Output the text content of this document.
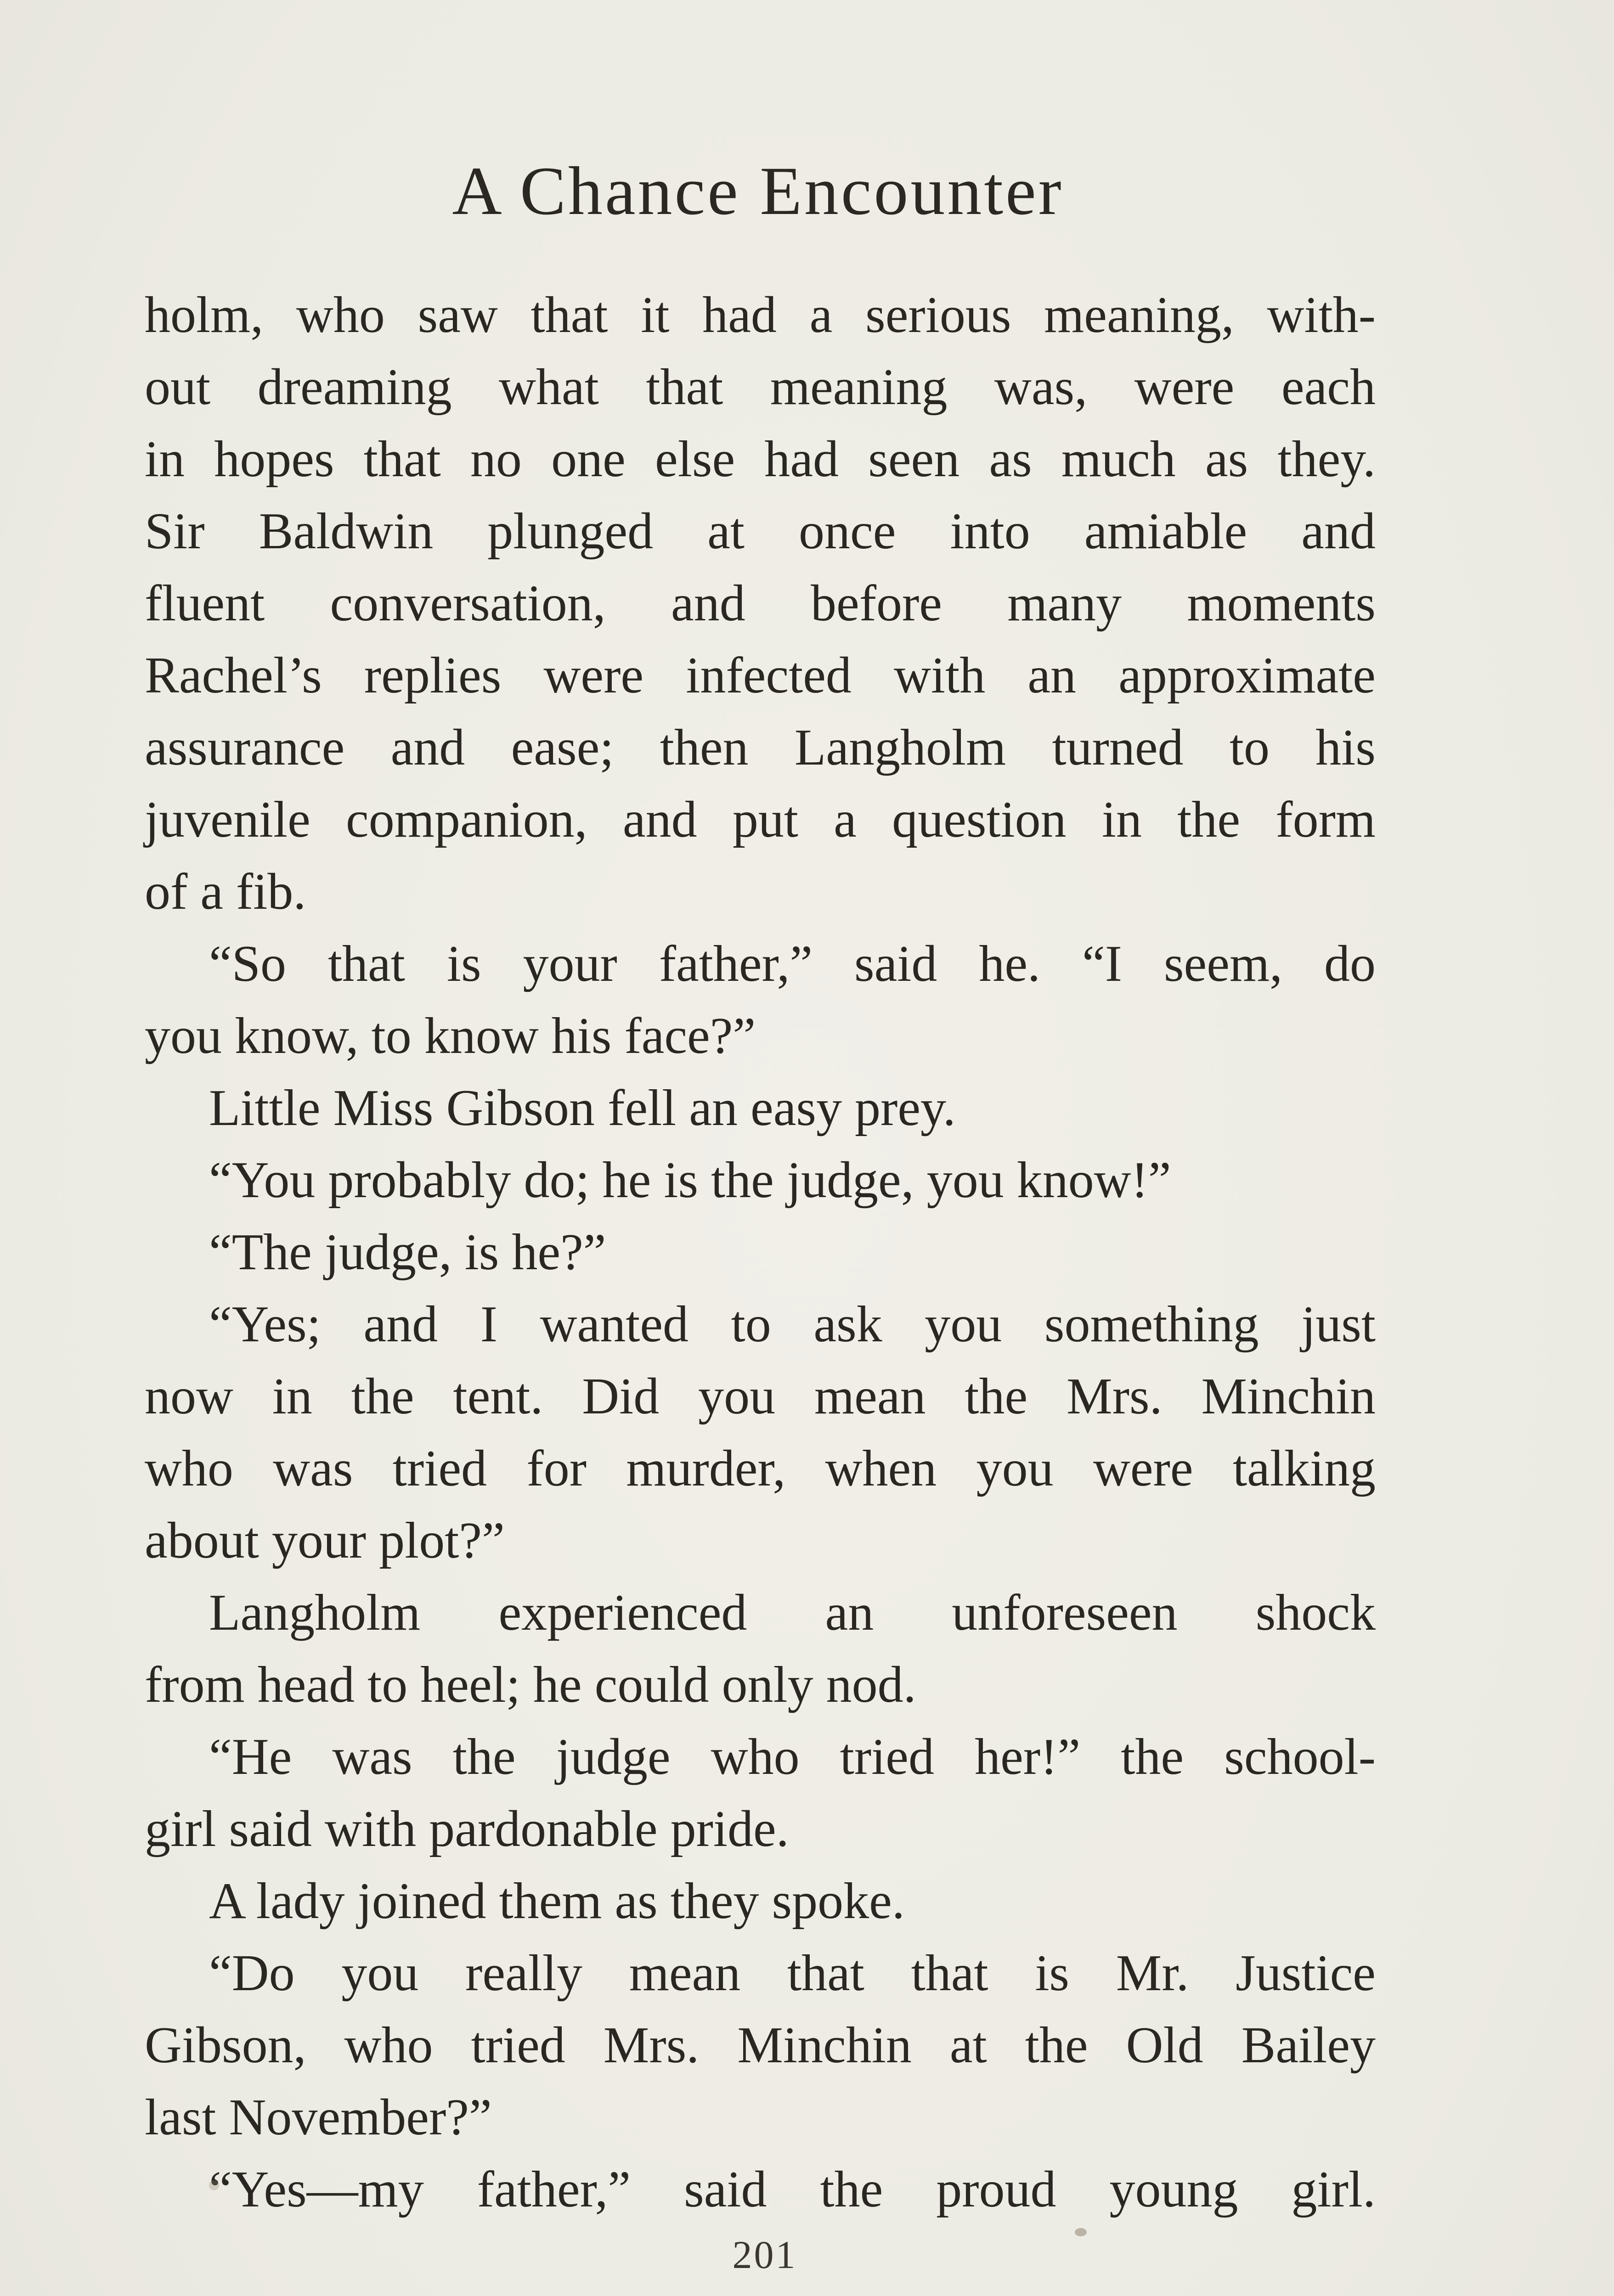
A Chance Encounter
holm, who saw that it had a serious meaning, with-
out dreaming what that meaning was, were each
in hopes that no one else had seen as much as they.
Sir Baldwin plunged at once into amiable and
fluent conversation, and before many moments
Rachel’s replies were infected with an approximate
assurance and ease; then Langholm turned to his
juvenile companion, and put a question in the form
of a fib.
“So that is your father,” said he. “I seem, do
you know, to know his face?”
Little Miss Gibson fell an easy prey.
“You probably do; he is the judge, you know!”
“The judge, is he?”
“Yes; and I wanted to ask you something just
now in the tent. Did you mean the Mrs. Minchin
who was tried for murder, when you were talking
about your plot?”
Langholm experienced an unforeseen shock
from head to heel; he could only nod.
“He was the judge who tried her!” the school-
girl said with pardonable pride.
A lady joined them as they spoke.
“Do you really mean that that is Mr. Justice
Gibson, who tried Mrs. Minchin at the Old Bailey
last November?”
“Yes—my father,” said the proud young girl.
201
